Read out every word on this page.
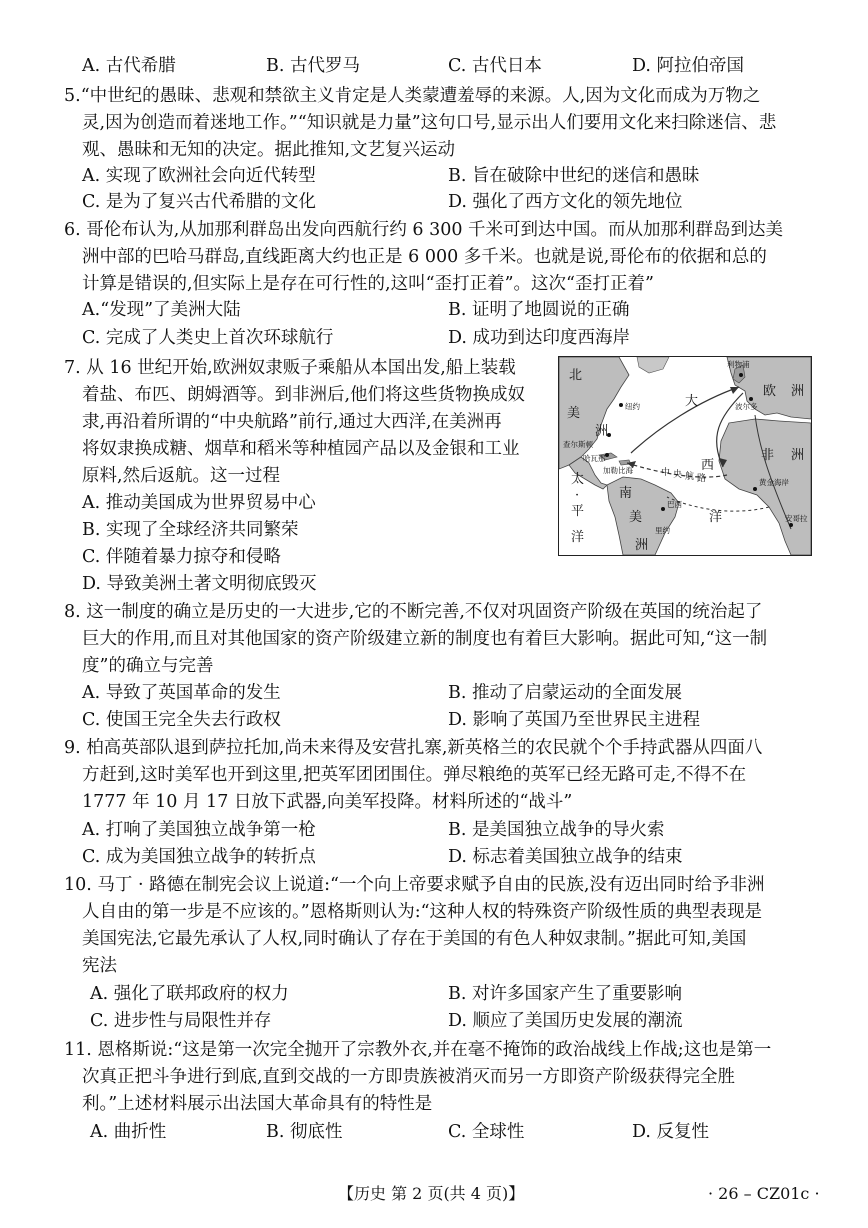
A. 古代希腊	B. 古代罗马	C. 古代日本	D. 阿拉伯帝国
5.“中世纪的愚昧、悲观和禁欲主义肯定是人类蒙遭羞辱的来源。人,因为文化而成为万物之
灵,因为创造而着迷地工作。”“知识就是力量”这句口号,显示出人们要用文化来扫除迷信、悲
观、愚昧和无知的决定。据此推知,文艺复兴运动
A. 实现了欧洲社会向近代转型	B. 旨在破除中世纪的迷信和愚昧
C. 是为了复兴古代希腊的文化	D. 强化了西方文化的领先地位
6. 哥伦布认为,从加那利群岛出发向西航行约 6 300 千米可到达中国。而从加那利群岛到达美
洲中部的巴哈马群岛,直线距离大约也正是 6 000 多千米。也就是说,哥伦布的依据和总的
计算是错误的,但实际上是存在可行性的,这叫“歪打正着”。这次“歪打正着”
A.“发现”了美洲大陆	B. 证明了地圆说的正确
C. 完成了人类史上首次环球航行	D. 成功到达印度西海岸
7. 从 16 世纪开始,欧洲奴隶贩子乘船从本国出发,船上装载
着盐、布匹、朗姆酒等。到非洲后,他们将这些货物换成奴
隶,再沿着所谓的“中央航路”前行,通过大西洋,在美洲再
将奴隶换成糖、烟草和稻米等种植园产品以及金银和工业
原料,然后返航。这一过程
A. 推动美国成为世界贸易中心
B. 实现了全球经济共同繁荣
C. 伴随着暴力掠夺和侵略
D. 导致美洲土著文明彻底毁灭
北
美
洲
大
西
洋
欧 洲
非 洲
南
美
洲
太
·
平
洋
中 央 航 路
利物浦
波尔多
纽约
查尔斯顿
哈瓦那
加勒比海
黄金海岸
巴西
安哥拉
里约
8. 这一制度的确立是历史的一大进步,它的不断完善,不仅对巩固资产阶级在英国的统治起了
巨大的作用,而且对其他国家的资产阶级建立新的制度也有着巨大影响。据此可知,“这一制
度”的确立与完善
A. 导致了英国革命的发生	B. 推动了启蒙运动的全面发展
C. 使国王完全失去行政权	D. 影响了英国乃至世界民主进程
9. 柏高英部队退到萨拉托加,尚未来得及安营扎寨,新英格兰的农民就个个手持武器从四面八
方赶到,这时美军也开到这里,把英军团团围住。弹尽粮绝的英军已经无路可走,不得不在
1777 年 10 月 17 日放下武器,向美军投降。材料所述的“战斗”
A. 打响了美国独立战争第一枪	B. 是美国独立战争的导火索
C. 成为美国独立战争的转折点	D. 标志着美国独立战争的结束
10. 马丁 · 路德在制宪会议上说道:“一个向上帝要求赋予自由的民族,没有迈出同时给予非洲
人自由的第一步是不应该的。”恩格斯则认为:“这种人权的特殊资产阶级性质的典型表现是
美国宪法,它最先承认了人权,同时确认了存在于美国的有色人种奴隶制。”据此可知,美国
宪法
A. 强化了联邦政府的权力	B. 对许多国家产生了重要影响
C. 进步性与局限性并存	D. 顺应了美国历史发展的潮流
11. 恩格斯说:“这是第一次完全抛开了宗教外衣,并在毫不掩饰的政治战线上作战;这也是第一
次真正把斗争进行到底,直到交战的一方即贵族被消灭而另一方即资产阶级获得完全胜
利。”上述材料展示出法国大革命具有的特性是
A. 曲折性	B. 彻底性	C. 全球性	D. 反复性
【历史 第 2 页(共 4 页)】	· 26 – CZ01c ·
